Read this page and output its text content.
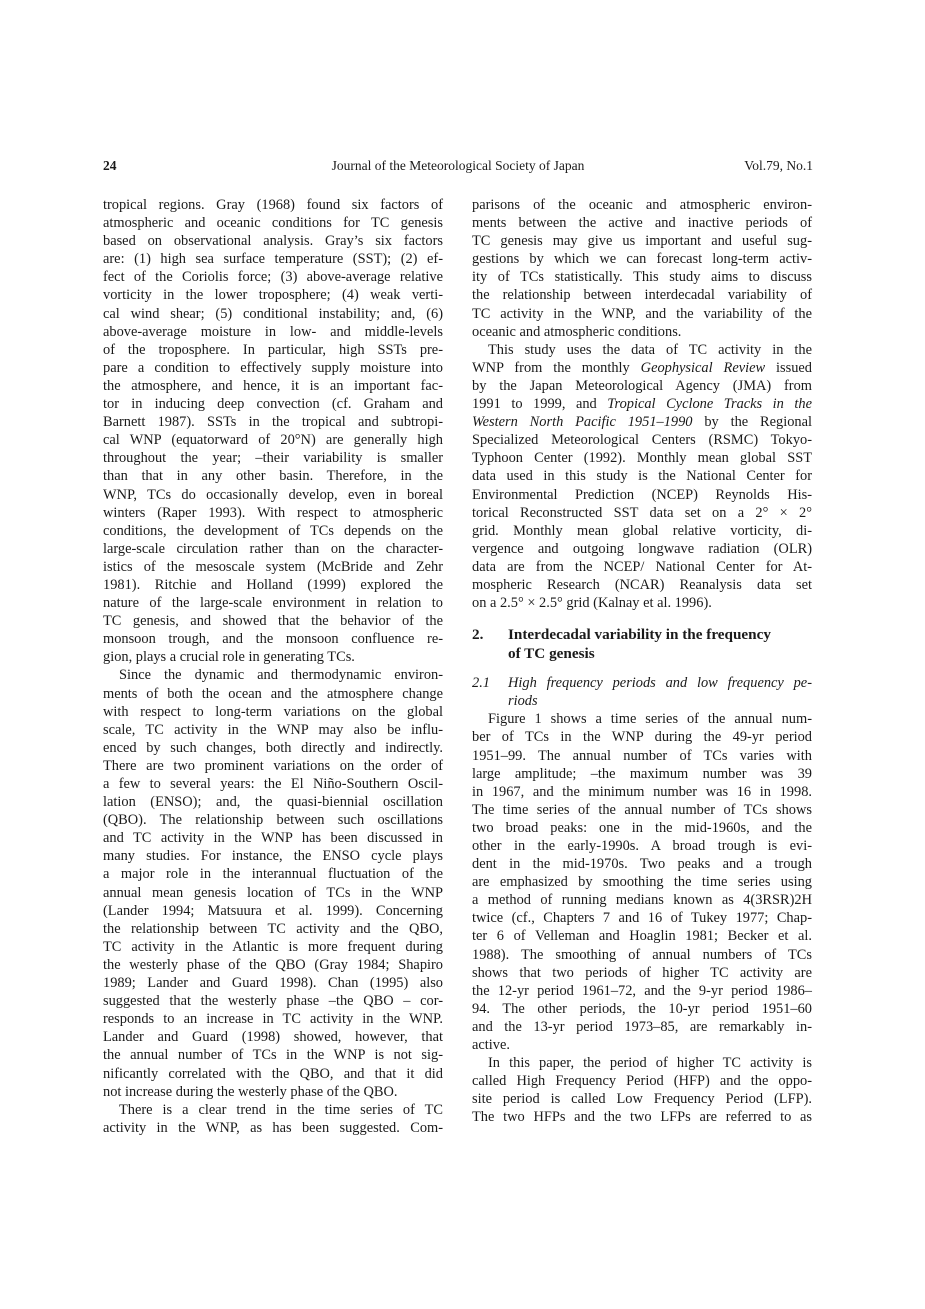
24	Journal of the Meteorological Society of Japan	Vol.79, No.1
tropical regions. Gray (1968) found six factors of
atmospheric and oceanic conditions for TC genesis
based on observational analysis. Gray’s six factors
are: (1) high sea surface temperature (SST); (2) ef-
fect of the Coriolis force; (3) above-average relative
vorticity in the lower troposphere; (4) weak verti-
cal wind shear; (5) conditional instability; and, (6)
above-average moisture in low- and middle-levels
of the troposphere. In particular, high SSTs pre-
pare a condition to effectively supply moisture into
the atmosphere, and hence, it is an important fac-
tor in inducing deep convection (cf. Graham and
Barnett 1987). SSTs in the tropical and subtropi-
cal WNP (equatorward of 20°N) are generally high
throughout the year; –their variability is smaller
than that in any other basin. Therefore, in the
WNP, TCs do occasionally develop, even in boreal
winters (Raper 1993). With respect to atmospheric
conditions, the development of TCs depends on the
large-scale circulation rather than on the character-
istics of the mesoscale system (McBride and Zehr
1981). Ritchie and Holland (1999) explored the
nature of the large-scale environment in relation to
TC genesis, and showed that the behavior of the
monsoon trough, and the monsoon confluence re-
gion, plays a crucial role in generating TCs.
Since the dynamic and thermodynamic environ-
ments of both the ocean and the atmosphere change
with respect to long-term variations on the global
scale, TC activity in the WNP may also be influ-
enced by such changes, both directly and indirectly.
There are two prominent variations on the order of
a few to several years: the El Niño-Southern Oscil-
lation (ENSO); and, the quasi-biennial oscillation
(QBO). The relationship between such oscillations
and TC activity in the WNP has been discussed in
many studies. For instance, the ENSO cycle plays
a major role in the interannual fluctuation of the
annual mean genesis location of TCs in the WNP
(Lander 1994; Matsuura et al. 1999). Concerning
the relationship between TC activity and the QBO,
TC activity in the Atlantic is more frequent during
the westerly phase of the QBO (Gray 1984; Shapiro
1989; Lander and Guard 1998). Chan (1995) also
suggested that the westerly phase –the QBO – cor-
responds to an increase in TC activity in the WNP.
Lander and Guard (1998) showed, however, that
the annual number of TCs in the WNP is not sig-
nificantly correlated with the QBO, and that it did
not increase during the westerly phase of the QBO.
There is a clear trend in the time series of TC
activity in the WNP, as has been suggested. Com-
parisons of the oceanic and atmospheric environ-
ments between the active and inactive periods of
TC genesis may give us important and useful sug-
gestions by which we can forecast long-term activ-
ity of TCs statistically. This study aims to discuss
the relationship between interdecadal variability of
TC activity in the WNP, and the variability of the
oceanic and atmospheric conditions.
This study uses the data of TC activity in the
WNP from the monthly Geophysical Review issued
by the Japan Meteorological Agency (JMA) from
1991 to 1999, and Tropical Cyclone Tracks in the
Western North Pacific 1951–1990 by the Regional
Specialized Meteorological Centers (RSMC) Tokyo-
Typhoon Center (1992). Monthly mean global SST
data used in this study is the National Center for
Environmental Prediction (NCEP) Reynolds His-
torical Reconstructed SST data set on a 2° × 2°
grid. Monthly mean global relative vorticity, di-
vergence and outgoing longwave radiation (OLR)
data are from the NCEP/ National Center for At-
mospheric Research (NCAR) Reanalysis data set
on a 2.5° × 2.5° grid (Kalnay et al. 1996).
2. Interdecadal variability in the frequency
of TC genesis
2.1 High frequency periods and low frequency pe-
riods
Figure 1 shows a time series of the annual num-
ber of TCs in the WNP during the 49-yr period
1951–99. The annual number of TCs varies with
large amplitude; –the maximum number was 39
in 1967, and the minimum number was 16 in 1998.
The time series of the annual number of TCs shows
two broad peaks: one in the mid-1960s, and the
other in the early-1990s. A broad trough is evi-
dent in the mid-1970s. Two peaks and a trough
are emphasized by smoothing the time series using
a method of running medians known as 4(3RSR)2H
twice (cf., Chapters 7 and 16 of Tukey 1977; Chap-
ter 6 of Velleman and Hoaglin 1981; Becker et al.
1988). The smoothing of annual numbers of TCs
shows that two periods of higher TC activity are
the 12-yr period 1961–72, and the 9-yr period 1986–
94. The other periods, the 10-yr period 1951–60
and the 13-yr period 1973–85, are remarkably in-
active.
In this paper, the period of higher TC activity is
called High Frequency Period (HFP) and the oppo-
site period is called Low Frequency Period (LFP).
The two HFPs and the two LFPs are referred to as
